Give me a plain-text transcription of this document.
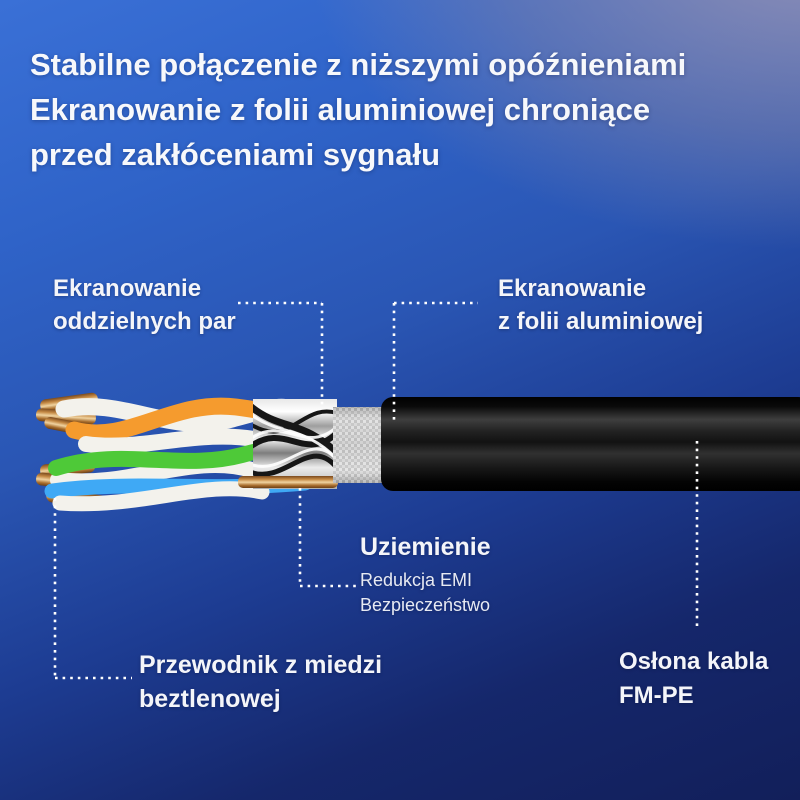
Stabilne połączenie z niższymi opóźnieniami
Ekranowanie z folii aluminiowej chroniące
przed zakłóceniami sygnału
Ekranowanie
oddzielnych par
Ekranowanie
z folii aluminiowej
Uziemienie
Redukcja EMI
Bezpieczeństwo
Przewodnik z miedzi
beztlenowej
Osłona kabla
FM-PE
